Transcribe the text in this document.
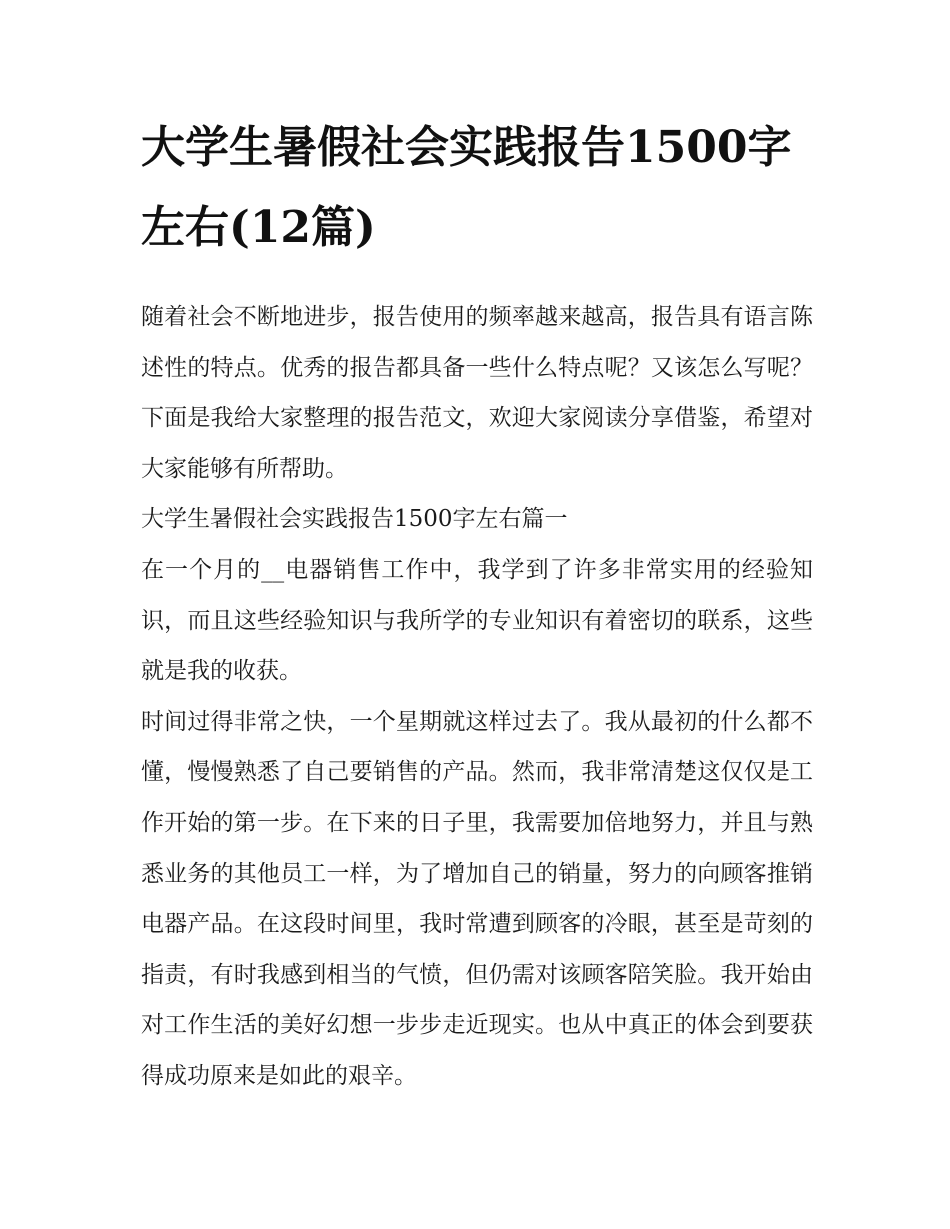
大学生暑假社会实践报告1500字左右(12篇)

随着社会不断地进步，报告使用的频率越来越高，报告具有语言陈述性的特点。优秀的报告都具备一些什么特点呢？又该怎么写呢？下面是我给大家整理的报告范文，欢迎大家阅读分享借鉴，希望对大家能够有所帮助。

大学生暑假社会实践报告1500字左右篇一

在一个月的__电器销售工作中，我学到了许多非常实用的经验知识，而且这些经验知识与我所学的专业知识有着密切的联系，这些就是我的收获。

时间过得非常之快，一个星期就这样过去了。我从最初的什么都不懂，慢慢熟悉了自己要销售的产品。然而，我非常清楚这仅仅是工作开始的第一步。在下来的日子里，我需要加倍地努力，并且与熟悉业务的其他员工一样，为了增加自己的销量，努力的向顾客推销电器产品。在这段时间里，我时常遭到顾客的冷眼，甚至是苛刻的指责，有时我感到相当的气愤，但仍需对该顾客陪笑脸。我开始由对工作生活的美好幻想一步步走近现实。也从中真正的体会到要获得成功原来是如此的艰辛。
